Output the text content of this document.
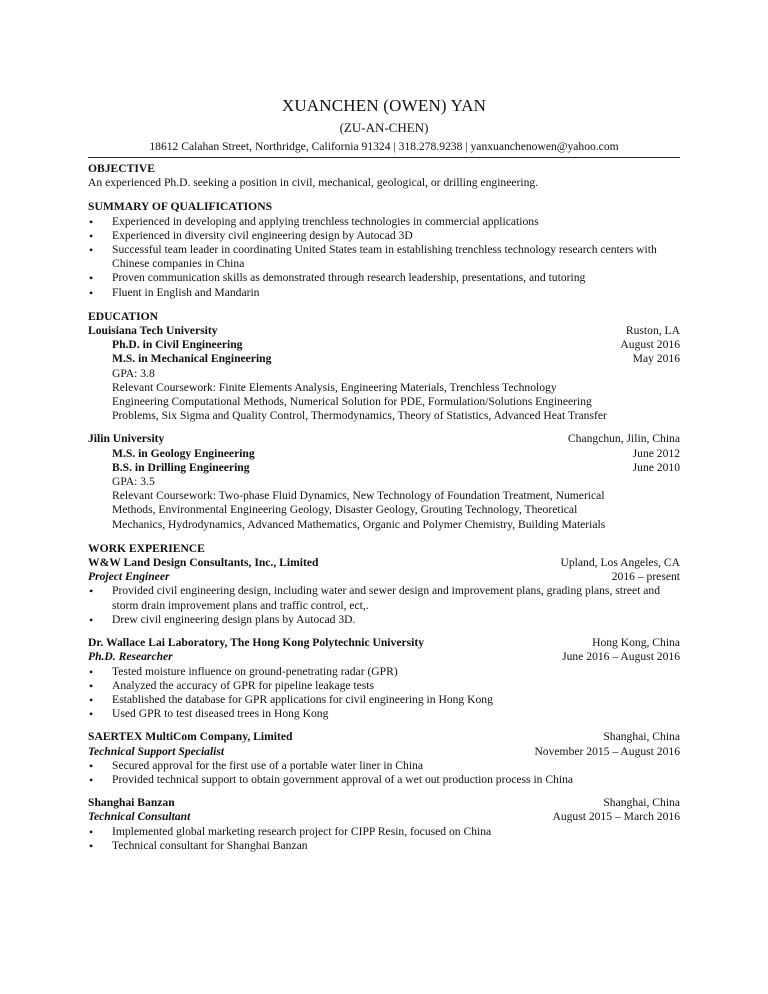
XUANCHEN (OWEN) YAN
(ZU-AN-CHEN)
18612 Calahan Street, Northridge, California 91324 | 318.278.9238 | yanxuanchenowen@yahoo.com
OBJECTIVE
An experienced Ph.D. seeking a position in civil, mechanical, geological, or drilling engineering.
SUMMARY OF QUALIFICATIONS
• Experienced in developing and applying trenchless technologies in commercial applications
• Experienced in diversity civil engineering design by Autocad 3D
• Successful team leader in coordinating United States team in establishing trenchless technology research centers with Chinese companies in China
• Proven communication skills as demonstrated through research leadership, presentations, and tutoring
• Fluent in English and Mandarin
EDUCATION
Louisiana Tech University	Ruston, LA
Ph.D. in Civil Engineering	August 2016
M.S. in Mechanical Engineering	May 2016
GPA: 3.8
Relevant Coursework: Finite Elements Analysis, Engineering Materials, Trenchless Technology
Engineering Computational Methods, Numerical Solution for PDE, Formulation/Solutions Engineering
Problems, Six Sigma and Quality Control, Thermodynamics, Theory of Statistics, Advanced Heat Transfer
Jilin University	Changchun, Jilin, China
M.S. in Geology Engineering	June 2012
B.S. in Drilling Engineering	June 2010
GPA: 3.5
Relevant Coursework: Two-phase Fluid Dynamics, New Technology of Foundation Treatment, Numerical
Methods, Environmental Engineering Geology, Disaster Geology, Grouting Technology, Theoretical
Mechanics, Hydrodynamics, Advanced Mathematics, Organic and Polymer Chemistry, Building Materials
WORK EXPERIENCE
W&W Land Design Consultants, Inc., Limited	Upland, Los Angeles, CA
Project Engineer	2016 – present
• Provided civil engineering design, including water and sewer design and improvement plans, grading plans, street and storm drain improvement plans and traffic control, ect,.
• Drew civil engineering design plans by Autocad 3D.
Dr. Wallace Lai Laboratory, The Hong Kong Polytechnic University	Hong Kong, China
Ph.D. Researcher	June 2016 – August 2016
• Tested moisture influence on ground-penetrating radar (GPR)
• Analyzed the accuracy of GPR for pipeline leakage tests
• Established the database for GPR applications for civil engineering in Hong Kong
• Used GPR to test diseased trees in Hong Kong
SAERTEX MultiCom Company, Limited	Shanghai, China
Technical Support Specialist	November 2015 – August 2016
• Secured approval for the first use of a portable water liner in China
• Provided technical support to obtain government approval of a wet out production process in China
Shanghai Banzan	Shanghai, China
Technical Consultant	August 2015 – March 2016
• Implemented global marketing research project for CIPP Resin, focused on China
• Technical consultant for Shanghai Banzan
